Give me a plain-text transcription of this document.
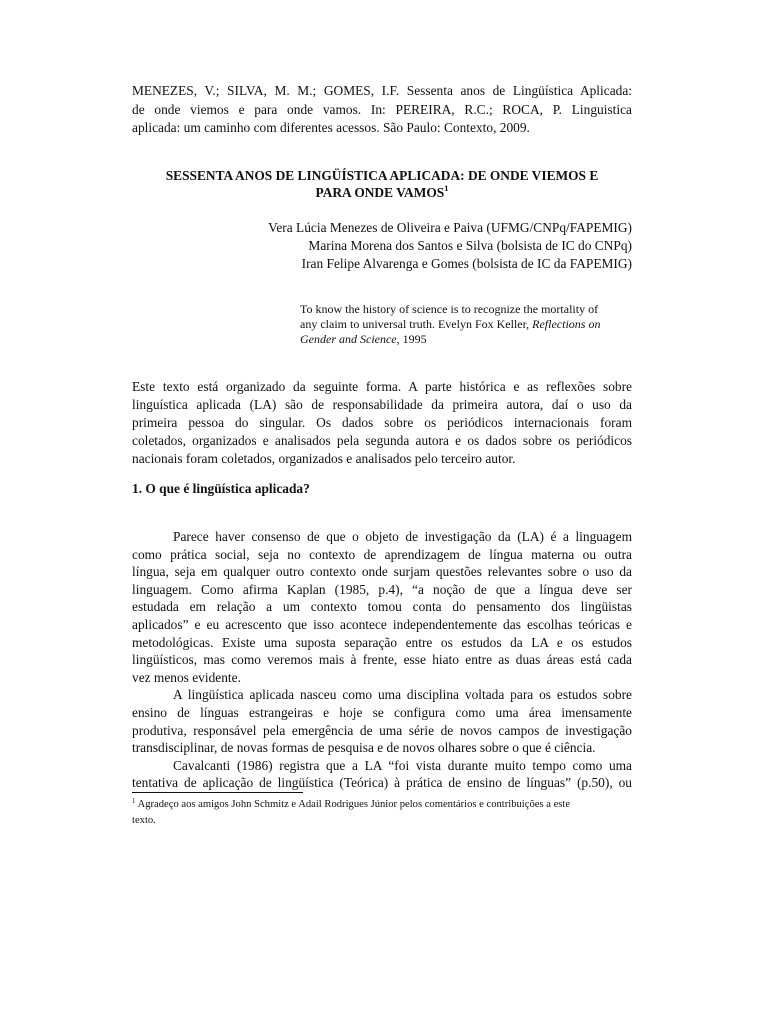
MENEZES, V.; SILVA, M. M.; GOMES, I.F. Sessenta anos de Lingüística Aplicada:
de onde viemos e para onde vamos. In: PEREIRA, R.C.; ROCA, P. Linguistica
aplicada: um caminho com diferentes acessos. São Paulo: Contexto, 2009.
SESSENTA ANOS DE LINGÜÍSTICA APLICADA: DE ONDE VIEMOS E
PARA ONDE VAMOS$^1$
Vera Lúcia Menezes de Oliveira e Paiva (UFMG/CNPq/FAPEMIG)
Marina Morena dos Santos e Silva (bolsista de IC do CNPq)
Iran Felipe Alvarenga e Gomes (bolsista de IC da FAPEMIG)
To know the history of science is to recognize the mortality of
any claim to universal truth. Evelyn Fox Keller, Reflections on
Gender and Science, 1995
Este texto está organizado da seguinte forma. A parte histórica e as reflexões sobre
linguística aplicada (LA) são de responsabilidade da primeira autora, daí o uso da
primeira pessoa do singular. Os dados sobre os periódicos internacionais foram
coletados, organizados e analisados pela segunda autora e os dados sobre os periódicos
nacionais foram coletados, organizados e analisados pelo terceiro autor.
1. O que é lingüística aplicada?
Parece haver consenso de que o objeto de investigação da (LA) é a linguagem
como prática social, seja no contexto de aprendizagem de língua materna ou outra
língua, seja em qualquer outro contexto onde surjam questões relevantes sobre o uso da
linguagem. Como afirma Kaplan (1985, p.4), “a noção de que a língua deve ser
estudada em relação a um contexto tomou conta do pensamento dos lingüistas
aplicados” e eu acrescento que isso acontece independentemente das escolhas teóricas e
metodológicas. Existe uma suposta separação entre os estudos da LA e os estudos
lingüísticos, mas como veremos mais à frente, esse hiato entre as duas áreas está cada
vez menos evidente.
A lingüística aplicada nasceu como uma disciplina voltada para os estudos sobre
ensino de línguas estrangeiras e hoje se configura como uma área imensamente
produtiva, responsável pela emergência de uma série de novos campos de investigação
transdisciplinar, de novas formas de pesquisa e de novos olhares sobre o que é ciência.
Cavalcanti (1986) registra que a LA “foi vista durante muito tempo como uma
tentativa de aplicação de lingüística (Teórica) à prática de ensino de línguas” (p.50), ou
$^1$ Agradeço aos amigos John Schmitz e Adail Rodrigues Júnior pelos comentários e contribuições a este
texto.
